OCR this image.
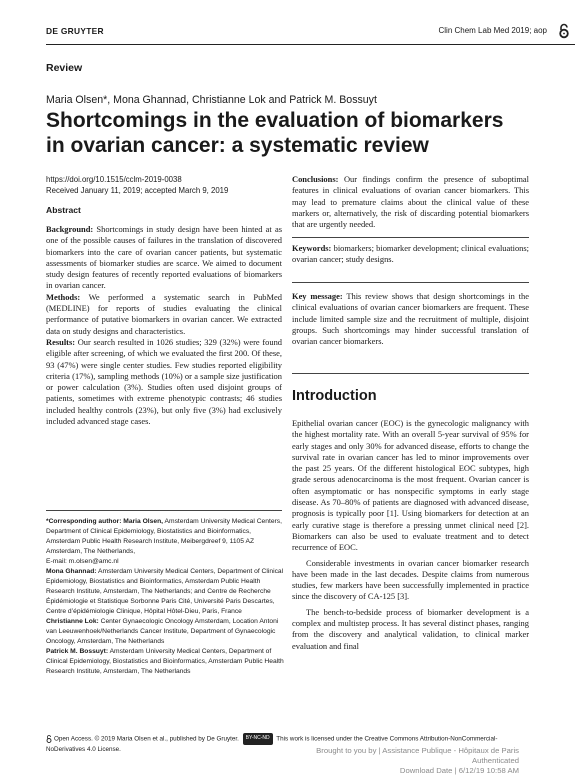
DE GRUYTER	Clin Chem Lab Med 2019; aop
Review
Maria Olsen*, Mona Ghannad, Christianne Lok and Patrick M. Bossuyt
Shortcomings in the evaluation of biomarkers
in ovarian cancer: a systematic review
https://doi.org/10.1515/cclm-2019-0038
Received January 11, 2019; accepted March 9, 2019
Abstract

Background: Shortcomings in study design have been hinted at as one of the possible causes of failures in the translation of discovered biomarkers into the care of ovarian cancer patients, but systematic assessments of biomarker studies are scarce. We aimed to document study design features of recently reported evaluations of biomarkers in ovarian cancer.

Methods: We performed a systematic search in PubMed (MEDLINE) for reports of studies evaluating the clinical performance of putative biomarkers in ovarian cancer. We extracted data on study designs and characteristics.

Results: Our search resulted in 1026 studies; 329 (32%) were found eligible after screening, of which we evaluated the first 200. Of these, 93 (47%) were single center studies. Few studies reported eligibility criteria (17%), sampling methods (10%) or a sample size justification or power calculation (3%). Studies often used disjoint groups of patients, sometimes with extreme phenotypic contrasts; 46 studies included healthy controls (23%), but only five (3%) had exclusively included advanced stage cases.

*Corresponding author: Maria Olsen, Amsterdam University Medical Centers, Department of Clinical Epidemiology, Biostatistics and Bioinformatics, Amsterdam Public Health Research Institute, Meibergdreef 9, 1105 AZ Amsterdam, The Netherlands,
E-mail: m.olsen@amc.nl

Mona Ghannad: Amsterdam University Medical Centers, Department of Clinical Epidemiology, Biostatistics and Bioinformatics, Amsterdam Public Health Research Institute, Amsterdam, The Netherlands; and Centre de Recherche Épidémiologie et Statistique Sorbonne Paris Cité, Université Paris Descartes, Centre d’épidémiologie Clinique, Hôpital Hôtel-Dieu, Paris, France

Christianne Lok: Center Gynaecologic Oncology Amsterdam, Location Antoni van Leeuwenhoek/Netherlands Cancer Institute, Department of Gynaecologic Oncology, Amsterdam, The Netherlands

Patrick M. Bossuyt: Amsterdam University Medical Centers, Department of Clinical Epidemiology, Biostatistics and Bioinformatics, Amsterdam Public Health Research Institute, Amsterdam, The Netherlands

Conclusions: Our findings confirm the presence of suboptimal features in clinical evaluations of ovarian cancer biomarkers. This may lead to premature claims about the clinical value of these markers or, alternatively, the risk of discarding potential biomarkers that are urgently needed.

Keywords: biomarkers; biomarker development; clinical evaluations; ovarian cancer; study designs.

Key message: This review shows that design shortcomings in the clinical evaluations of ovarian cancer biomarkers are frequent. These include limited sample size and the recruitment of multiple, disjoint groups. Such shortcomings may hinder successful translation of ovarian cancer biomarkers.

Introduction

Epithelial ovarian cancer (EOC) is the gynecologic malignancy with the highest mortality rate. With an overall 5-year survival of 95% for early stages and only 30% for advanced disease, efforts to change the survival rate in ovarian cancer has led to minor improvements over the past 25 years. Of the different histological EOC subtypes, high grade serous adenocarcinoma is the most frequent. Ovarian cancer is often asymptomatic or has nonspecific symptoms in early stage disease. As 70–80% of patients are diagnosed with advanced disease, prognosis is typically poor [1]. Using biomarkers for detection at an early curative stage is therefore a pressing unmet clinical need [2]. Biomarkers can also be used to evaluate treatment and to detect recurrence of EOC.

Considerable investments in ovarian cancer biomarker research have been made in the last decades. Despite claims from numerous studies, few markers have been successfully implemented in practice since the discovery of CA-125 [3].

The bench-to-bedside process of biomarker development is a complex and multistep process. It has several distinct phases, ranging from the discovery and analytical validation, to clinical marker evaluation and final

Open Access. © 2019 Maria Olsen et al., published by De Gruyter. BY-NC-ND This work is licensed under the Creative Commons Attribution-NonCommercial-NoDerivatives 4.0 License.	Brought to you by | Assistance Publique - Hôpitaux de Paris
Authenticated
Download Date | 6/12/19 10:58 AM
